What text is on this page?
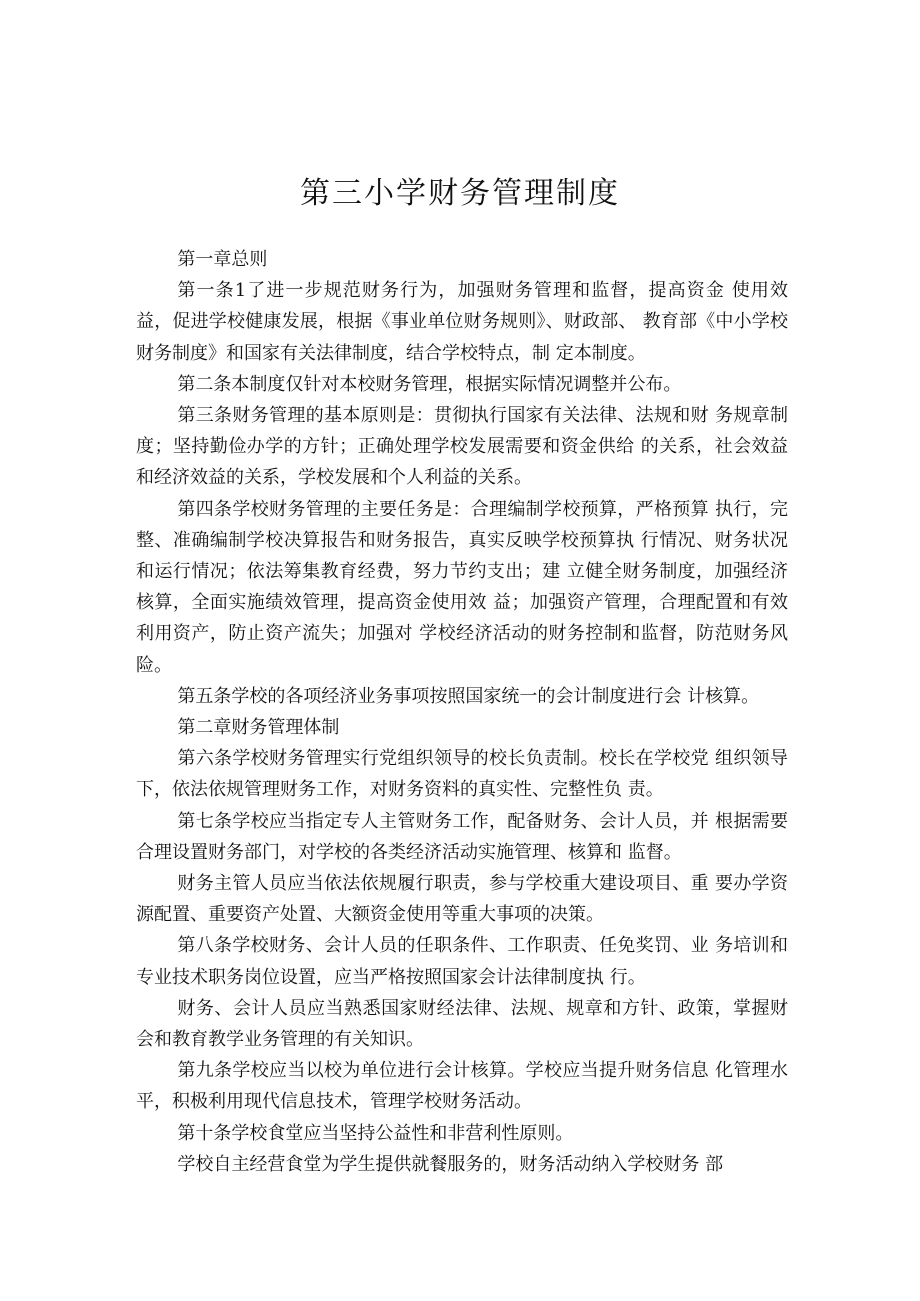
第三小学财务管理制度

第一章总则

第一条1了进一步规范财务行为，加强财务管理和监督，提高资金 使用效益，促进学校健康发展，根据《事业单位财务规则》、财政部、 教育部《中小学校财务制度》和国家有关法律制度，结合学校特点，制 定本制度。

第二条本制度仅针对本校财务管理，根据实际情况调整并公布。

第三条财务管理的基本原则是：贯彻执行国家有关法律、法规和财 务规章制度；坚持勤俭办学的方针；正确处理学校发展需要和资金供给 的关系，社会效益和经济效益的关系，学校发展和个人利益的关系。

第四条学校财务管理的主要任务是：合理编制学校预算，严格预算 执行，完整、准确编制学校决算报告和财务报告，真实反映学校预算执 行情况、财务状况和运行情况；依法筹集教育经费，努力节约支出；建 立健全财务制度，加强经济核算，全面实施绩效管理，提高资金使用效 益；加强资产管理，合理配置和有效利用资产，防止资产流失；加强对 学校经济活动的财务控制和监督，防范财务风险。

第五条学校的各项经济业务事项按照国家统一的会计制度进行会 计核算。

第二章财务管理体制

第六条学校财务管理实行党组织领导的校长负责制。校长在学校党 组织领导下，依法依规管理财务工作，对财务资料的真实性、完整性负 责。

第七条学校应当指定专人主管财务工作，配备财务、会计人员，并 根据需要合理设置财务部门，对学校的各类经济活动实施管理、核算和 监督。

财务主管人员应当依法依规履行职责，参与学校重大建设项目、重 要办学资源配置、重要资产处置、大额资金使用等重大事项的决策。

第八条学校财务、会计人员的任职条件、工作职责、任免奖罚、业 务培训和专业技术职务岗位设置，应当严格按照国家会计法律制度执 行。

财务、会计人员应当熟悉国家财经法律、法规、规章和方针、政策，掌握财会和教育教学业务管理的有关知识。

第九条学校应当以校为单位进行会计核算。学校应当提升财务信息 化管理水平，积极利用现代信息技术，管理学校财务活动。

第十条学校食堂应当坚持公益性和非营利性原则。

学校自主经营食堂为学生提供就餐服务的，财务活动纳入学校财务 部
